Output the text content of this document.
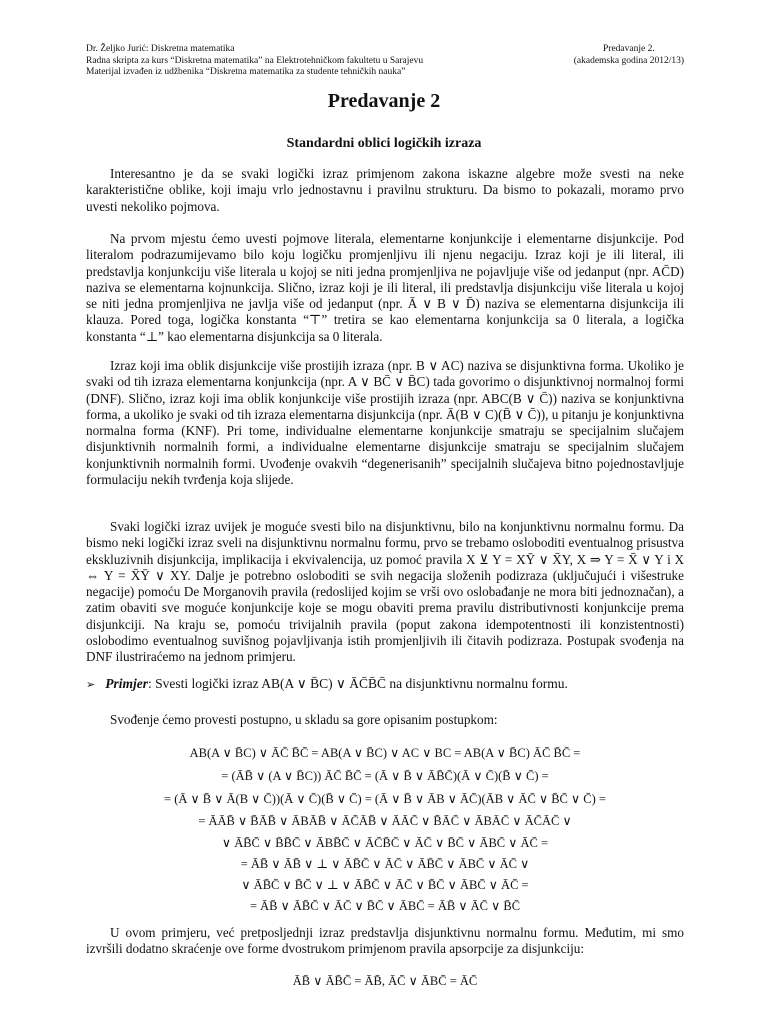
Dr. Željko Jurić: Diskretna matematika
Radna skripta za kurs “Diskretna matematika” na Elektrotehničkom fakultetu u Sarajevu
Materijal izvađen iz udžbenika “Diskretna matematika za studente tehničkih nauka”
Predavanje 2.
(akademska godina 2012/13)
Predavanje 2
Standardni oblici logičkih izraza
Interesantno je da se svaki logički izraz primjenom zakona iskazne algebre može svesti na neke karakteristične oblike, koji imaju vrlo jednostavnu i pravilnu strukturu. Da bismo to pokazali, moramo prvo uvesti nekoliko pojmova.
Na prvom mjestu ćemo uvesti pojmove literala, elementarne konjunkcije i elementarne disjunkcije. Pod literalom podrazumijevamo bilo koju logičku promjenljivu ili njenu negaciju. Izraz koji je ili literal, ili predstavlja konjunkciju više literala u kojoj se niti jedna promjenljiva ne pojavljuje više od jedanput (npr. AC̄D) naziva se elementarna kojnunkcija. Slično, izraz koji je ili literal, ili predstavlja disjunkciju više literala u kojoj se niti jedna promjenljiva ne javlja više od jedanput (npr. Ā ∨ B ∨ D̄) naziva se elementarna disjunkcija ili klauza. Pored toga, logička konstanta “⊤” tretira se kao elementarna konjunkcija sa 0 literala, a logička konstanta “⊥” kao elementarna disjunkcija sa 0 literala.
Izraz koji ima oblik disjunkcije više prostijih izraza (npr. B ∨ AC) naziva se disjunktivna forma. Ukoliko je svaki od tih izraza elementarna konjunkcija (npr. A ∨ BC̄ ∨ B̄C) tada govorimo o disjunktivnoj normalnoj formi (DNF). Slično, izraz koji ima oblik konjunkcije više prostijih izraza (npr. ABC(B ∨ C̄)) naziva se konjunktivna forma, a ukoliko je svaki od tih izraza elementarna disjunkcija (npr. Ā(B ∨ C)(B̄ ∨ C̄)), u pitanju je konjunktivna normalna forma (KNF). Pri tome, individualne elementarne konjunkcije smatraju se specijalnim slučajem disjunktivnih normalnih formi, a individualne elementarne disjunkcije smatraju se specijalnim slučajem konjunktivnih normalnih formi. Uvođenje ovakvih “degenerisanih” specijalnih slučajeva bitno pojednostavljuje formulaciju nekih tvrđenja koja slijede.
Svaki logički izraz uvijek je moguće svesti bilo na disjunktivnu, bilo na konjunktivnu normalnu formu. Da bismo neki logički izraz sveli na disjunktivnu normalnu formu, prvo se trebamo osloboditi eventualnog prisustva ekskluzivnih disjunkcija, implikacija i ekvivalencija, uz pomoć pravila X ⊻ Y = XȲ ∨ X̄Y, X ⇒ Y = X̄ ∨ Y i X ⇔ Y = X̄Ȳ ∨ XY. Dalje je potrebno osloboditi se svih negacija složenih podizraza (uključujući i višestruke negacije) pomoću De Morganovih pravila (redoslijed kojim se vrši ovo oslobađanje ne mora biti jednoznačan), a zatim obaviti sve moguće konjunkcije koje se mogu obaviti prema pravilu distributivnosti konjunkcije prema disjunkciji. Na kraju se, pomoću trivijalnih pravila (poput zakona idempotentnosti ili konzistentnosti) oslobodimo eventualnog suvišnog pojavljivanja istih promjenljivih ili čitavih podizraza. Postupak svođenja na DNF ilustriraćemo na jednom primjeru.
➢ Primjer: Svesti logički izraz AB(A ∨ B̄C) ∨ ĀC̄B̄C̄ na disjunktivnu normalnu formu.
Svođenje ćemo provesti postupno, u skladu sa gore opisanim postupkom:
AB(A ∨ B̄C) ∨ ĀC̄ B̄C̄ = AB(A ∨ B̄C) ∨ AC ∨ BC = AB(A ∨ B̄C) ĀC̄ B̄C̄ =
= (ĀB̄ ∨ (A ∨ B̄C)) ĀC̄ B̄C̄ = (Ā ∨ B̄ ∨ ĀB̄C̄)(Ā ∨ C̄)(B̄ ∨ C̄) =
= (Ā ∨ B̄ ∨ Ā(B ∨ C̄))(Ā ∨ C̄)(B̄ ∨ C̄) = (Ā ∨ B̄ ∨ ĀB ∨ ĀC̄)(ĀB ∨ ĀC̄ ∨ B̄C̄ ∨ C̄) =
= ĀĀB̄ ∨ B̄ĀB̄ ∨ ĀBĀB̄ ∨ ĀC̄ĀB̄ ∨ ĀĀC̄ ∨ B̄ĀC̄ ∨ ĀBĀC̄ ∨ ĀC̄ĀC̄ ∨
∨ ĀB̄C̄ ∨ B̄B̄C̄ ∨ ĀBB̄C̄ ∨ ĀC̄B̄C̄ ∨ ĀC̄ ∨ B̄C̄ ∨ ĀBC̄ ∨ ĀC̄ =
= ĀB̄ ∨ ĀB̄ ∨ ⊥ ∨ ĀB̄C̄ ∨ ĀC̄ ∨ ĀB̄C̄ ∨ ĀBC̄ ∨ ĀC̄ ∨
∨ ĀB̄C̄ ∨ B̄C̄ ∨ ⊥ ∨ ĀB̄C̄ ∨ ĀC̄ ∨ B̄C̄ ∨ ĀBC̄ ∨ ĀC̄ =
= ĀB̄ ∨ ĀB̄C̄ ∨ ĀC̄ ∨ B̄C̄ ∨ ĀBC̄ = ĀB̄ ∨ ĀC̄ ∨ B̄C̄
U ovom primjeru, već pretposljednji izraz predstavlja disjunktivnu normalnu formu. Međutim, mi smo izvršili dodatno skraćenje ove forme dvostrukom primjenom pravila apsorpcije za disjunkciju:
ĀB̄ ∨ ĀB̄C̄ = ĀB̄, ĀC̄ ∨ ĀBC̄ = ĀC̄
